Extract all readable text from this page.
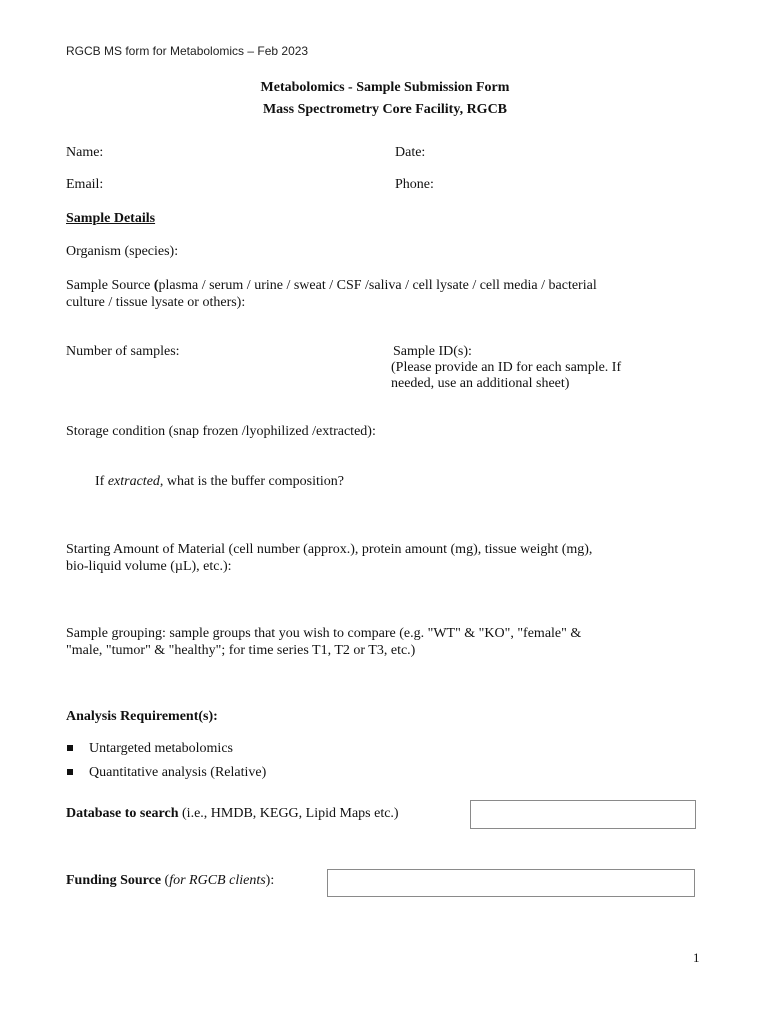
RGCB MS form for Metabolomics – Feb 2023
Metabolomics - Sample Submission Form
Mass Spectrometry Core Facility, RGCB
Name:	Date:
Email:	Phone:
Sample Details
Organism (species):
Sample Source (plasma / serum / urine / sweat / CSF /saliva / cell lysate / cell media / bacterial
culture / tissue lysate or others):
Number of samples:	Sample ID(s):
(Please provide an ID for each sample. If
needed, use an additional sheet)
Storage condition (snap frozen /lyophilized /extracted):
If extracted, what is the buffer composition?
Starting Amount of Material (cell number (approx.), protein amount (mg), tissue weight (mg),
bio-liquid volume (µL), etc.):
Sample grouping: sample groups that you wish to compare (e.g. "WT" & "KO", "female" &
"male, "tumor" & "healthy"; for time series T1, T2 or T3, etc.)
Analysis Requirement(s):
Untargeted metabolomics
Quantitative analysis (Relative)
Database to search (i.e., HMDB, KEGG, Lipid Maps etc.)
Funding Source (for RGCB clients):
1
